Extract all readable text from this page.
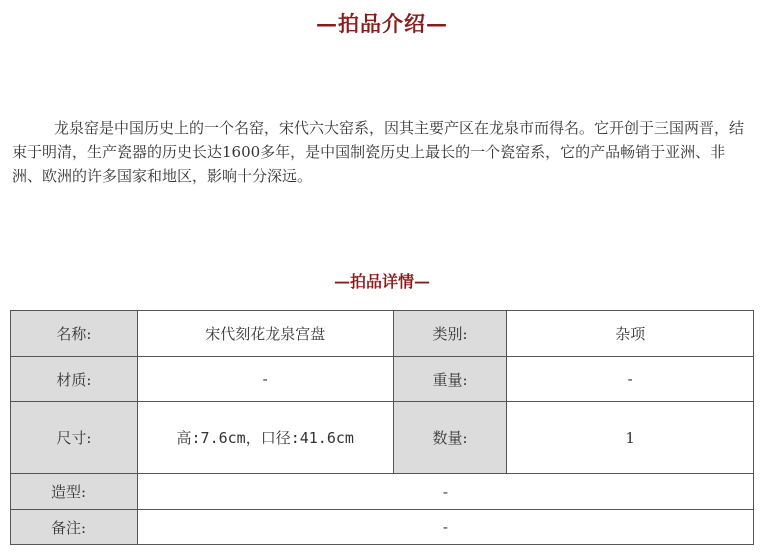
—拍品介绍—

龙泉窑是中国历史上的一个名窑，宋代六大窑系，因其主要产区在龙泉市而得名。它开创于三国两晋，结束于明清，生产瓷器的历史长达1600多年，是中国制瓷历史上最长的一个瓷窑系，它的产品畅销于亚洲、非洲、欧洲的许多国家和地区，影响十分深远。

—拍品详情—
名称:	宋代刻花龙泉宫盘	类别:	杂项
材质:	-	重量:	-
尺寸:	高:7.6cm，口径:41.6cm	数量:	1
造型:	-		
备注:	-		
